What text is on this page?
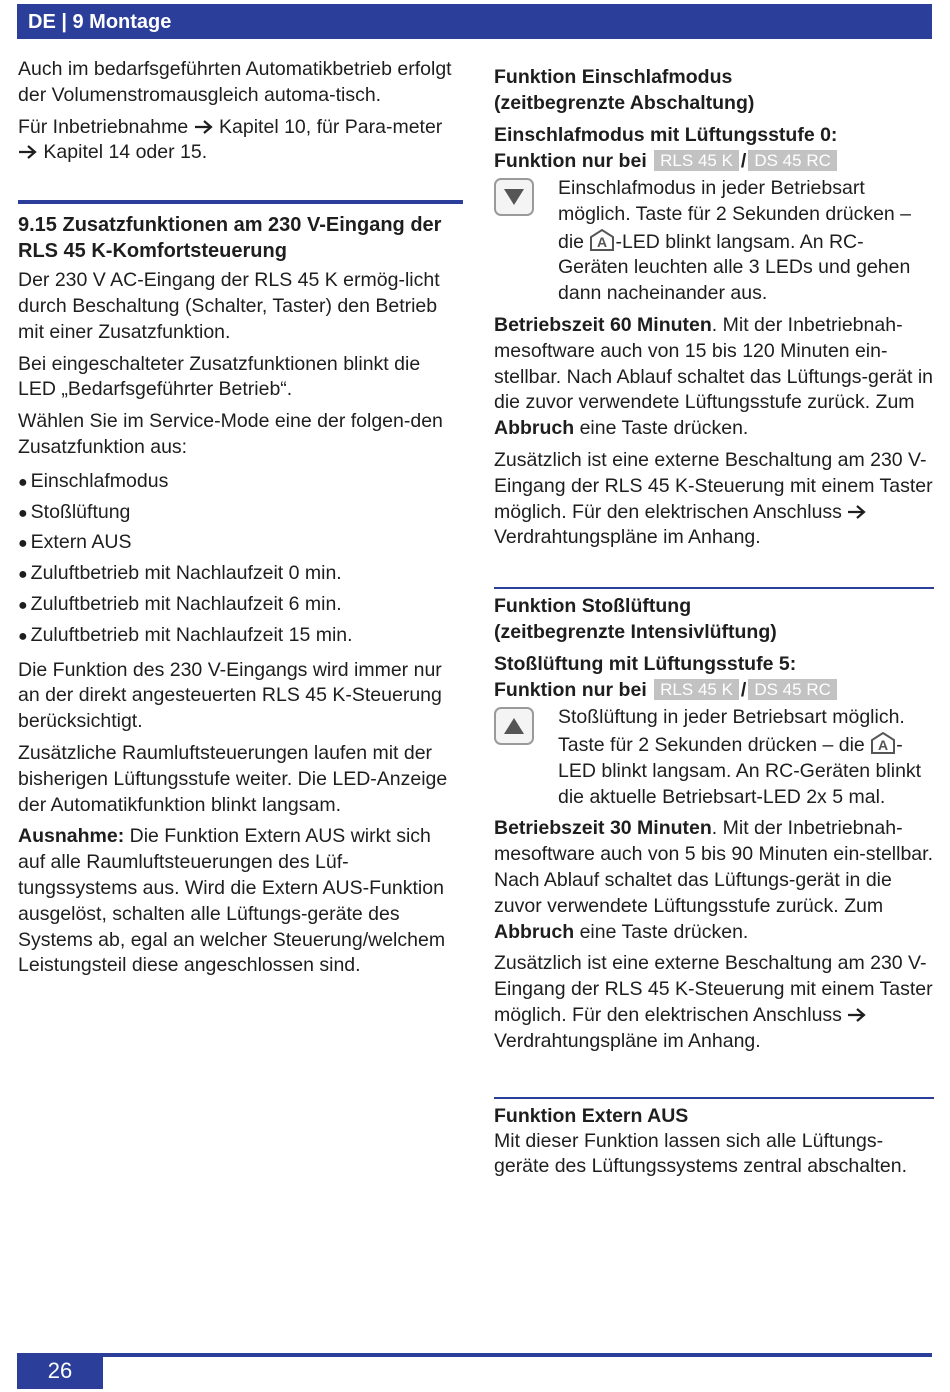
DE | 9 Montage

Auch im bedarfsgeführten Automatikbetrieb erfolgt der Volumenstromausgleich automa-tisch.

Für Inbetriebnahme Kapitel 10, für Para-meter  Kapitel 14 oder 15.

9.15 Zusatzfunktionen am 230 V-Eingang der RLS 45 K-Komfortsteuerung

Der 230 V AC-Eingang der RLS 45 K ermög-licht durch Beschaltung (Schalter, Taster) den Betrieb mit einer Zusatzfunktion.

Bei eingeschalteter Zusatzfunktionen blinkt die LED „Bedarfsgeführter Betrieb“.

Wählen Sie im Service-Mode eine der folgen-den Zusatzfunktion aus:

● Einschlafmodus
● Stoßlüftung
● Extern AUS
● Zuluftbetrieb mit Nachlaufzeit 0 min.
● Zuluftbetrieb mit Nachlaufzeit 6 min.
● Zuluftbetrieb mit Nachlaufzeit 15 min.

Die Funktion des 230 V-Eingangs wird immer nur an der direkt angesteuerten RLS 45 K-Steuerung berücksichtigt.

Zusätzliche Raumluftsteuerungen laufen mit der bisherigen Lüftungsstufe weiter. Die LED-Anzeige der Automatikfunktion blinkt langsam.

Ausnahme: Die Funktion Extern AUS wirkt sich auf alle Raumluftsteuerungen des Lüf-tungssystems aus. Wird die Extern AUS-Funktion ausgelöst, schalten alle Lüftungs-geräte des Systems ab, egal an welcher Steuerung/welchem Leistungsteil diese angeschlossen sind.

Funktion Einschlafmodus
(zeitbegrenzte Abschaltung)
Einschlafmodus mit Lüftungsstufe 0:
Funktion nur bei RLS 45 K / DS 45 RC
Einschlafmodus in jeder Betriebsart möglich. Taste für 2 Sekunden drücken – die A -LED blinkt langsam. An RC-Geräten leuchten alle 3 LEDs und gehen dann nacheinander aus.

Betriebszeit 60 Minuten. Mit der Inbetriebnah-mesoftware auch von 15 bis 120 Minuten ein-stellbar. Nach Ablauf schaltet das Lüftungs-gerät in die zuvor verwendete Lüftungsstufe zurück. Zum Abbruch eine Taste drücken.

Zusätzlich ist eine externe Beschaltung am 230 V-Eingang der RLS 45 K-Steuerung mit einem Taster möglich. Für den elektrischen Anschluss  Verdrahtungspläne im Anhang.

Funktion Stoßlüftung
(zeitbegrenzte Intensivlüftung)
Stoßlüftung mit Lüftungsstufe 5:
Funktion nur bei RLS 45 K / DS 45 RC
Stoßlüftung in jeder Betriebsart möglich. Taste für 2 Sekunden drücken – die A -LED blinkt langsam. An RC-Geräten blinkt die aktuelle Betriebsart-LED 2x 5 mal.

Betriebszeit 30 Minuten. Mit der Inbetriebnah-mesoftware auch von 5 bis 90 Minuten ein-stellbar. Nach Ablauf schaltet das Lüftungs-gerät in die zuvor verwendete Lüftungsstufe zurück. Zum Abbruch eine Taste drücken.

Zusätzlich ist eine externe Beschaltung am 230 V-Eingang der RLS 45 K-Steuerung mit einem Taster möglich. Für den elektrischen Anschluss  Verdrahtungspläne im Anhang.

Funktion Extern AUS

Mit dieser Funktion lassen sich alle Lüftungs-geräte des Lüftungssystems zentral abschalten.

26
